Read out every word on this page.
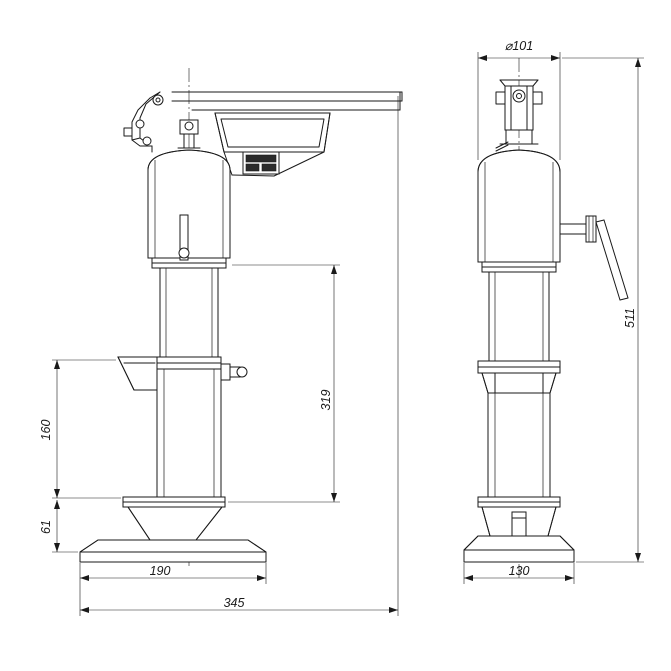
319
160
61
190
345
⌀101
511
130
